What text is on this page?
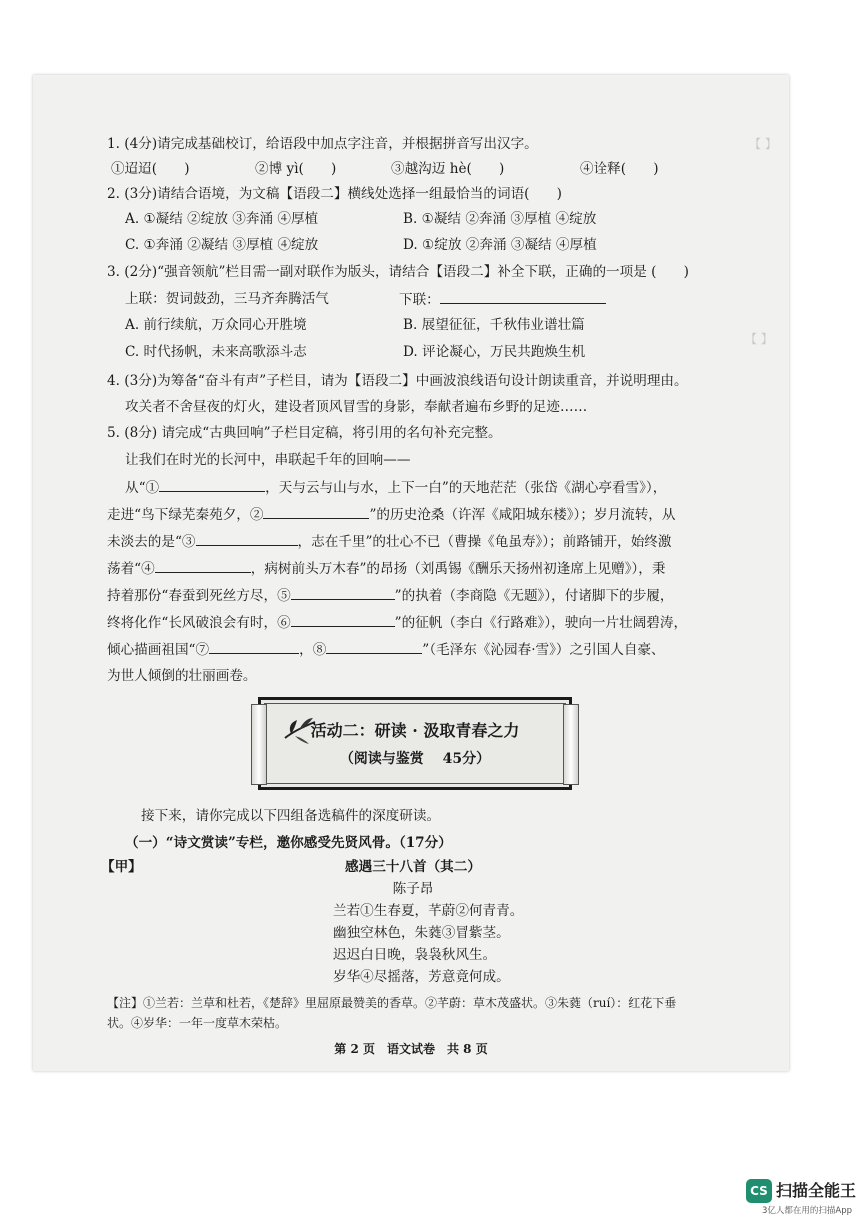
【 】
【 】
1. (4分)请完成基础校订，给语段中加点字注音，并根据拼音写出汉字。
①迢迢(　　)	②博 yì(　　)	③越沟迈 hè(　　)	④诠释(　　)
2. (3分)请结合语境，为文稿【语段二】横线处选择一组最恰当的词语(　　)
A. ①凝结 ②绽放 ③奔涌 ④厚植	B. ①凝结 ②奔涌 ③厚植 ④绽放
C. ①奔涌 ②凝结 ③厚植 ④绽放	D. ①绽放 ②奔涌 ③凝结 ④厚植
3. (2分)“强音领航”栏目需一副对联作为版头，请结合【语段二】补全下联，正确的一项是 (　　)
上联：贺词鼓劲，三马齐奔腾活气	下联：
A. 前行续航，万众同心开胜境	B. 展望征征，千秋伟业谱壮篇
C. 时代扬帆，未来高歌添斗志	D. 评论凝心，万民共跑焕生机
4. (3分)为筹备“奋斗有声”子栏目，请为【语段二】中画波浪线语句设计朗读重音，并说明理由。
攻关者不舍昼夜的灯火，建设者顶风冒雪的身影，奉献者遍布乡野的足迹……
5. (8分) 请完成“古典回响”子栏目定稿，将引用的名句补充完整。
让我们在时光的长河中，串联起千年的回响——
从“①	，天与云与山与水，上下一白”的天地茫茫（张岱《湖心亭看雪》），
走进“鸟下绿芜秦苑夕，②	”的历史沧桑（许浑《咸阳城东楼》）；岁月流转，从
未淡去的是“③	，志在千里”的壮心不已（曹操《龟虽寿》）；前路铺开，始终激
荡着“④	，病树前头万木春”的昂扬（刘禹锡《酬乐天扬州初逢席上见赠》），秉
持着那份“春蚕到死丝方尽，⑤	”的执着（李商隐《无题》），付诸脚下的步履，
终将化作“长风破浪会有时，⑥	”的征帆（李白《行路难》），驶向一片壮阔碧涛，
倾心描画祖国“⑦	，⑧	”（毛泽东《沁园春·雪》）之引国人自豪、
为世人倾倒的壮丽画卷。
活动二：研读 · 汲取青春之力
（阅读与鉴赏　 45分）
接下来，请你完成以下四组备选稿件的深度研读。
（一）“诗文赏读”专栏，邀你感受先贤风骨。（17分）
【甲】	感遇三十八首（其二）
陈子昂
兰若①生春夏，芊蔚②何青青。
幽独空林色，朱蕤③冒紫茎。
迟迟白日晚，袅袅秋风生。
岁华④尽摇落，芳意竟何成。
【注】①兰若：兰草和杜若，《楚辞》里屈原最赞美的香草。②芊蔚：草木茂盛状。③朱蕤（ruí）：红花下垂
状。④岁华：一年一度草木荣枯。
第 2 页　语文试卷　共 8 页
CS 扫描全能王
3亿人都在用的扫描App
